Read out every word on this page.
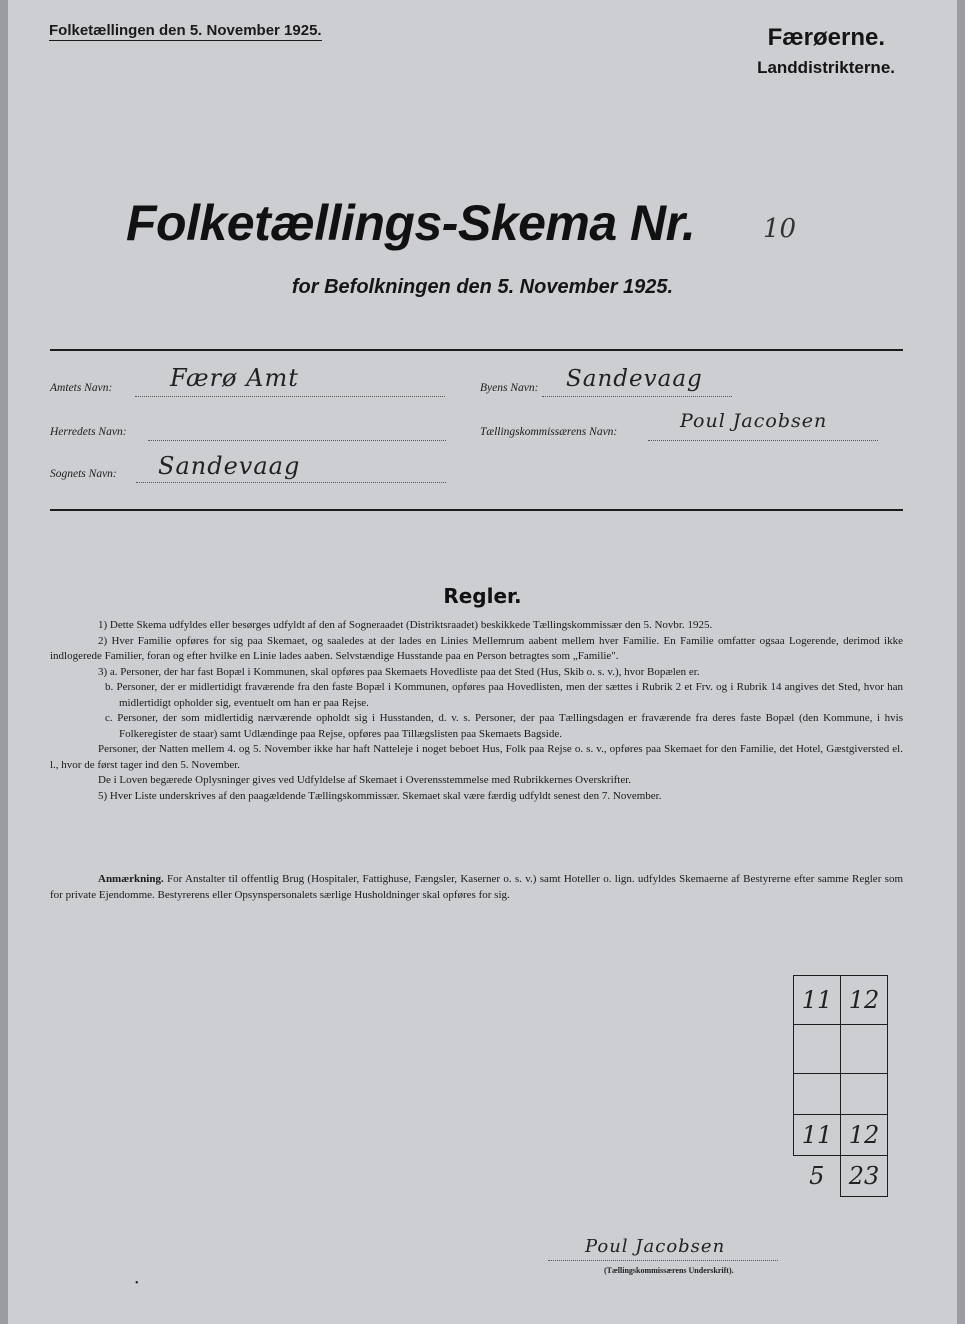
Folketællingen den 5. November 1925.	Færøerne.
Landdistrikterne.
Folketællings-Skema Nr.	10
for Befolkningen den 5. November 1925.
Amtets Navn: Færø Amt	Byens Navn: Sandevaag
Herredets Navn:	Tællingskommissærens Navn:	Poul Jacobsen
Sognets Navn: Sandevaag
Regler.

1) Dette Skema udfyldes eller besørges udfyldt af den af Sogneraadet (Distriktsraadet) beskikkede Tællingskommissær den 5. Novbr. 1925.

2) Hver Familie opføres for sig paa Skemaet, og saaledes at der lades en Linies Mellemrum aabent mellem hver Familie. En Familie omfatter ogsaa Logerende, derimod ikke indlogerede Familier, foran og efter hvilke en Linie lades aaben. Selvstændige Husstande paa en Person betragtes som „Familie".

3) a. Personer, der har fast Bopæl i Kommunen, skal opføres paa Skemaets Hovedliste paa det Sted (Hus, Skib o. s. v.), hvor Bopælen er.

b. Personer, der er midlertidigt fraværende fra den faste Bopæl i Kommunen, opføres paa Hovedlisten, men der sættes i Rubrik 2 et Frv. og i Rubrik 14 angives det Sted, hvor han midlertidigt opholder sig, eventuelt om han er paa Rejse.

c. Personer, der som midlertidig nærværende opholdt sig i Husstanden, d. v. s. Personer, der paa Tællingsdagen er fraværende fra deres faste Bopæl (den Kommune, i hvis Folkeregister de staar) samt Udlændinge paa Rejse, opføres paa Tillægslisten paa Skemaets Bagside.

Personer, der Natten mellem 4. og 5. November ikke har haft Natteleje i noget beboet Hus, Folk paa Rejse o. s. v., opføres paa Skemaet for den Familie, det Hotel, Gæstgiversted el. l., hvor de først tager ind den 5. November.

De i Loven begærede Oplysninger gives ved Udfyldelse af Skemaet i Overensstemmelse med Rubrikkernes Overskrifter.

5) Hver Liste underskrives af den paagældende Tællingskommissær. Skemaet skal være færdig udfyldt senest den 7. November.

Anmærkning. For Anstalter til offentlig Brug (Hospitaler, Fattighuse, Fængsler, Kaserner o. s. v.) samt Hoteller o. lign. udfyldes Skemaerne af Bestyrerne efter samme Regler som for private Ejendomme. Bestyrerens eller Opsynspersonalets særlige Husholdninger skal opføres for sig.

11	12

11	12
5	23
Poul Jacobsen
(Tællingskommissærens Underskrift).
•
